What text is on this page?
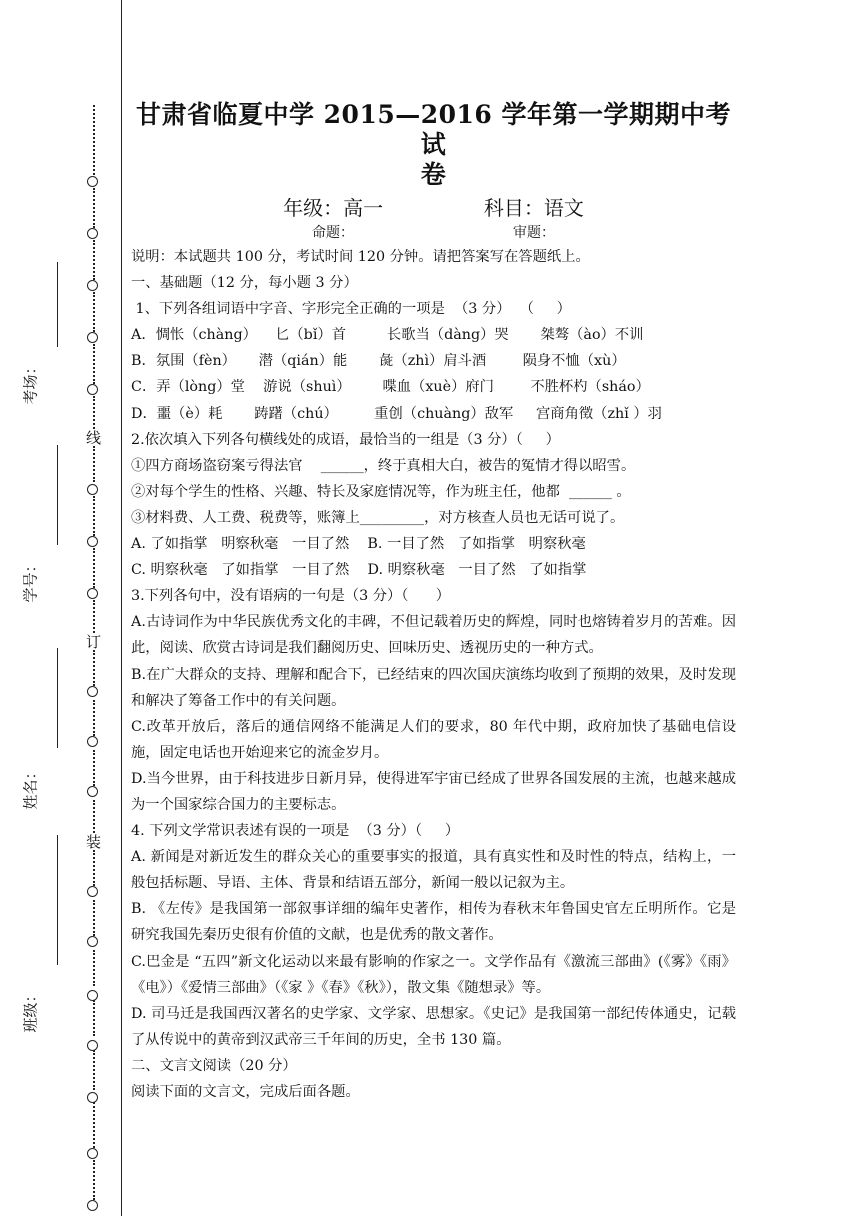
线
订
装
考场：
学号：
姓名：
班级：
甘肃省临夏中学 2015—2016 学年第一学期期中考试
卷
年级：高一	科目：语文
命题：	审题：
说明：本试题共 100 分，考试时间 120 分钟。请把答案写在答题纸上。
一、基础题（12 分，每小题 3 分）
1、下列各组词语中字音、字形完全正确的一项是  （3 分）  （     ）
A．惆怅（chàng）    匕（bǐ）首         长歌当（dàng）哭       桀骜（ào）不训
B．氛围（fèn）     潜（qián）能       彘（zhì）肩斗酒        陨身不恤（xù）
C．弄（lòng）堂    游说（shuì）       喋血（xuè）府门        不胜杯杓（sháo）
D．噩（è）耗       踌躇（chú）        重创（chuàng）敌军     宫商角徵（zhǐ ）羽
2.依次填入下列各句横线处的成语，最恰当的一组是（3 分）（     ）
①四方商场盗窃案亏得法官    ______，终于真相大白，被告的冤情才得以昭雪。
②对每个学生的性格、兴趣、特长及家庭情况等，作为班主任，他都  ______ 。
③材料费、人工费、税费等，账簿上_________，对方核查人员也无话可说了。
A. 了如指掌   明察秋毫   一目了然    B. 一目了然   了如指掌   明察秋毫
C. 明察秋毫   了如指掌   一目了然    D. 明察秋毫   一目了然   了如指掌
3.下列各句中，没有语病的一句是（3 分）（      ）
A.古诗词作为中华民族优秀文化的丰碑，不但记载着历史的辉煌，同时也熔铸着岁月的苦难。因此，阅读、欣赏古诗词是我们翻阅历史、回味历史、透视历史的一种方式。
B.在广大群众的支持、理解和配合下，已经结束的四次国庆演练均收到了预期的效果，及时发现和解决了筹备工作中的有关问题。
C.改革开放后，落后的通信网络不能满足人们的要求，80 年代中期，政府加快了基础电信设施，固定电话也开始迎来它的流金岁月。
D.当今世界，由于科技进步日新月异，使得进军宇宙已经成了世界各国发展的主流，也越来越成为一个国家综合国力的主要标志。
4. 下列文学常识表述有误的一项是  （3 分）（     ）
A. 新闻是对新近发生的群众关心的重要事实的报道，具有真实性和及时性的特点，结构上，一般包括标题、导语、主体、背景和结语五部分，新闻一般以记叙为主。
B. 《左传》是我国第一部叙事详细的编年史著作，相传为春秋末年鲁国史官左丘明所作。它是研究我国先秦历史很有价值的文献，也是优秀的散文著作。
C.巴金是 “五四”新文化运动以来最有影响的作家之一。文学作品有《激流三部曲》(《雾》《雨》《电》）《爱情三部曲》（《家 》《春》《秋》），散文集《随想录》等。
D. 司马迁是我国西汉著名的史学家、文学家、思想家。《史记》是我国第一部纪传体通史，记载了从传说中的黄帝到汉武帝三千年间的历史，全书 130 篇。
二、文言文阅读（20 分）
阅读下面的文言文，完成后面各题。
